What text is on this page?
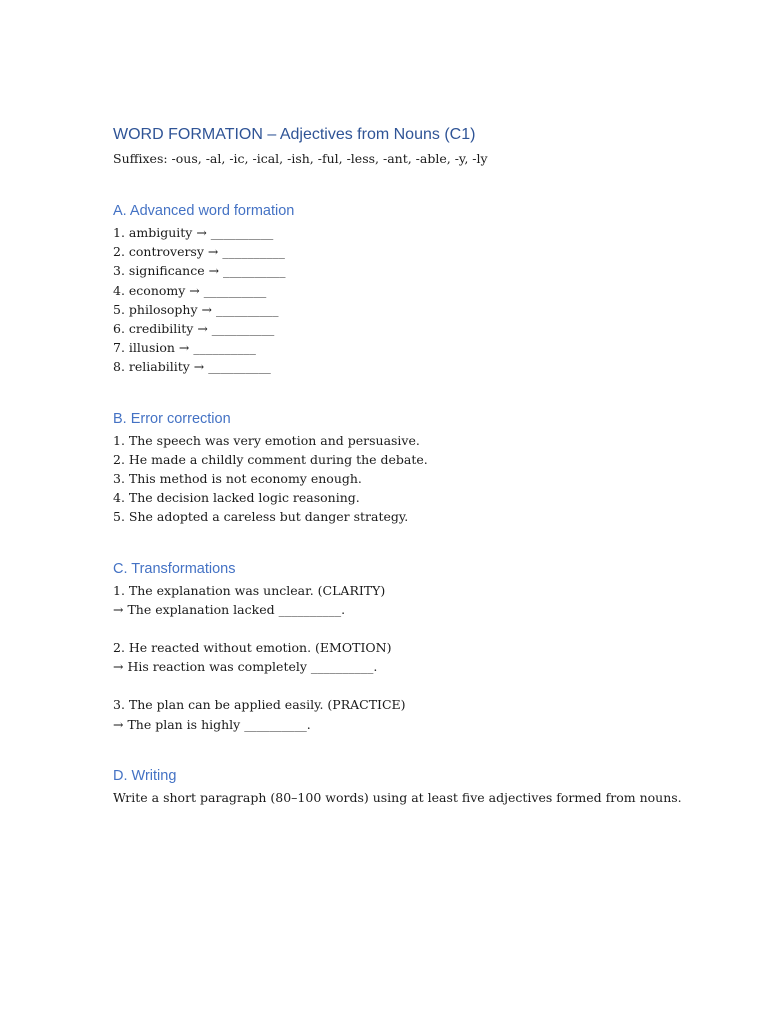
WORD FORMATION – Adjectives from Nouns (C1)
Suffixes: -ous, -al, -ic, -ical, -ish, -ful, -less, -ant, -able, -y, -ly
A. Advanced word formation
1. ambiguity → __________
2. controversy → __________
3. significance → __________
4. economy → __________
5. philosophy → __________
6. credibility → __________
7. illusion → __________
8. reliability → __________
B. Error correction
1. The speech was very emotion and persuasive.
2. He made a childly comment during the debate.
3. This method is not economy enough.
4. The decision lacked logic reasoning.
5. She adopted a careless but danger strategy.
C. Transformations
1. The explanation was unclear. (CLARITY)
→ The explanation lacked __________.
2. He reacted without emotion. (EMOTION)
→ His reaction was completely __________.
3. The plan can be applied easily. (PRACTICE)
→ The plan is highly __________.
D. Writing
Write a short paragraph (80–100 words) using at least five adjectives formed from nouns.
